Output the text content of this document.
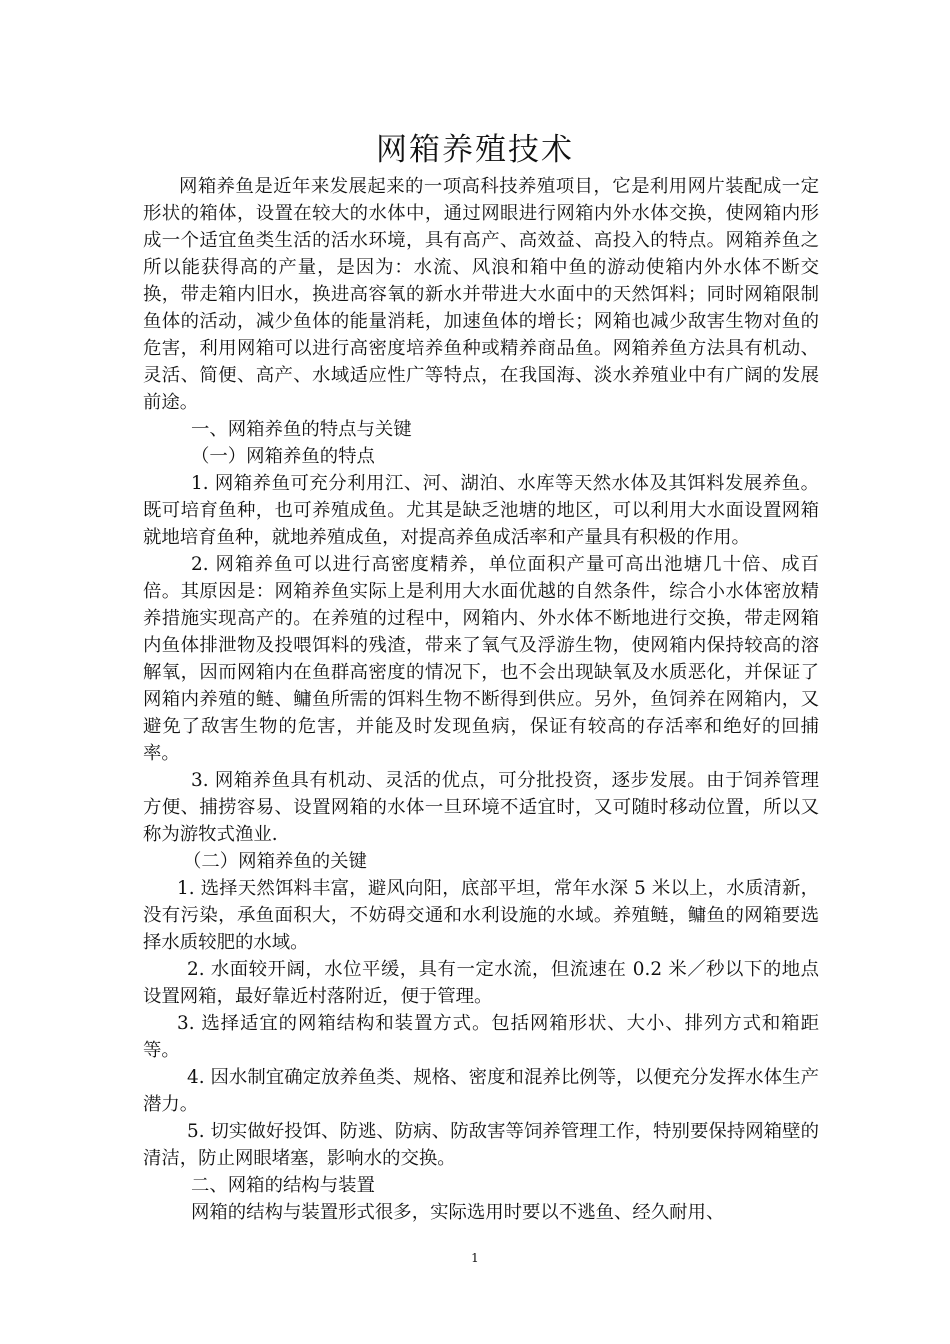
网箱养殖技术

网箱养鱼是近年来发展起来的一项高科技养殖项目，它是利用网片装配成一定形状的箱体，设置在较大的水体中，通过网眼进行网箱内外水体交换，使网箱内形成一个适宜鱼类生活的活水环境，具有高产、高效益、高投入的特点。网箱养鱼之所以能获得高的产量，是因为：水流、风浪和箱中鱼的游动使箱内外水体不断交换，带走箱内旧水，换进高容氧的新水并带进大水面中的天然饵料；同时网箱限制鱼体的活动，减少鱼体的能量消耗，加速鱼体的增长；网箱也减少敌害生物对鱼的危害，利用网箱可以进行高密度培养鱼种或精养商品鱼。网箱养鱼方法具有机动、灵活、简便、高产、水域适应性广等特点，在我国海、淡水养殖业中有广阔的发展前途。

一、网箱养鱼的特点与关键

（一）网箱养鱼的特点

1. 网箱养鱼可充分利用江、河、湖泊、水库等天然水体及其饵料发展养鱼。既可培育鱼种，也可养殖成鱼。尤其是缺乏池塘的地区，可以利用大水面设置网箱就地培育鱼种，就地养殖成鱼，对提高养鱼成活率和产量具有积极的作用。

2. 网箱养鱼可以进行高密度精养，单位面积产量可高出池塘几十倍、成百倍。其原因是：网箱养鱼实际上是利用大水面优越的自然条件，综合小水体密放精养措施实现高产的。在养殖的过程中，网箱内、外水体不断地进行交换，带走网箱内鱼体排泄物及投喂饵料的残渣，带来了氧气及浮游生物，使网箱内保持较高的溶解氧，因而网箱内在鱼群高密度的情况下，也不会出现缺氧及水质恶化，并保证了网箱内养殖的鲢、鳙鱼所需的饵料生物不断得到供应。另外，鱼饲养在网箱内，又避免了敌害生物的危害，并能及时发现鱼病，保证有较高的存活率和绝好的回捕率。

3. 网箱养鱼具有机动、灵活的优点，可分批投资，逐步发展。由于饲养管理方便、捕捞容易、设置网箱的水体一旦环境不适宜时，又可随时移动位置，所以又称为游牧式渔业.

（二）网箱养鱼的关键

1. 选择天然饵料丰富，避风向阳，底部平坦，常年水深 5 米以上，水质清新，没有污染，承鱼面积大，不妨碍交通和水利设施的水域。养殖鲢，鳙鱼的网箱要选择水质较肥的水域。

2. 水面较开阔，水位平缓，具有一定水流，但流速在 0.2 米／秒以下的地点设置网箱，最好靠近村落附近，便于管理。

3. 选择适宜的网箱结构和装置方式。包括网箱形状、大小、排列方式和箱距等。

4. 因水制宜确定放养鱼类、规格、密度和混养比例等，以便充分发挥水体生产潜力。

5. 切实做好投饵、防逃、防病、防敌害等饲养管理工作，特别要保持网箱壁的清洁，防止网眼堵塞，影响水的交换。

二、网箱的结构与装置

网箱的结构与装置形式很多，实际选用时要以不逃鱼、经久耐用、

1
